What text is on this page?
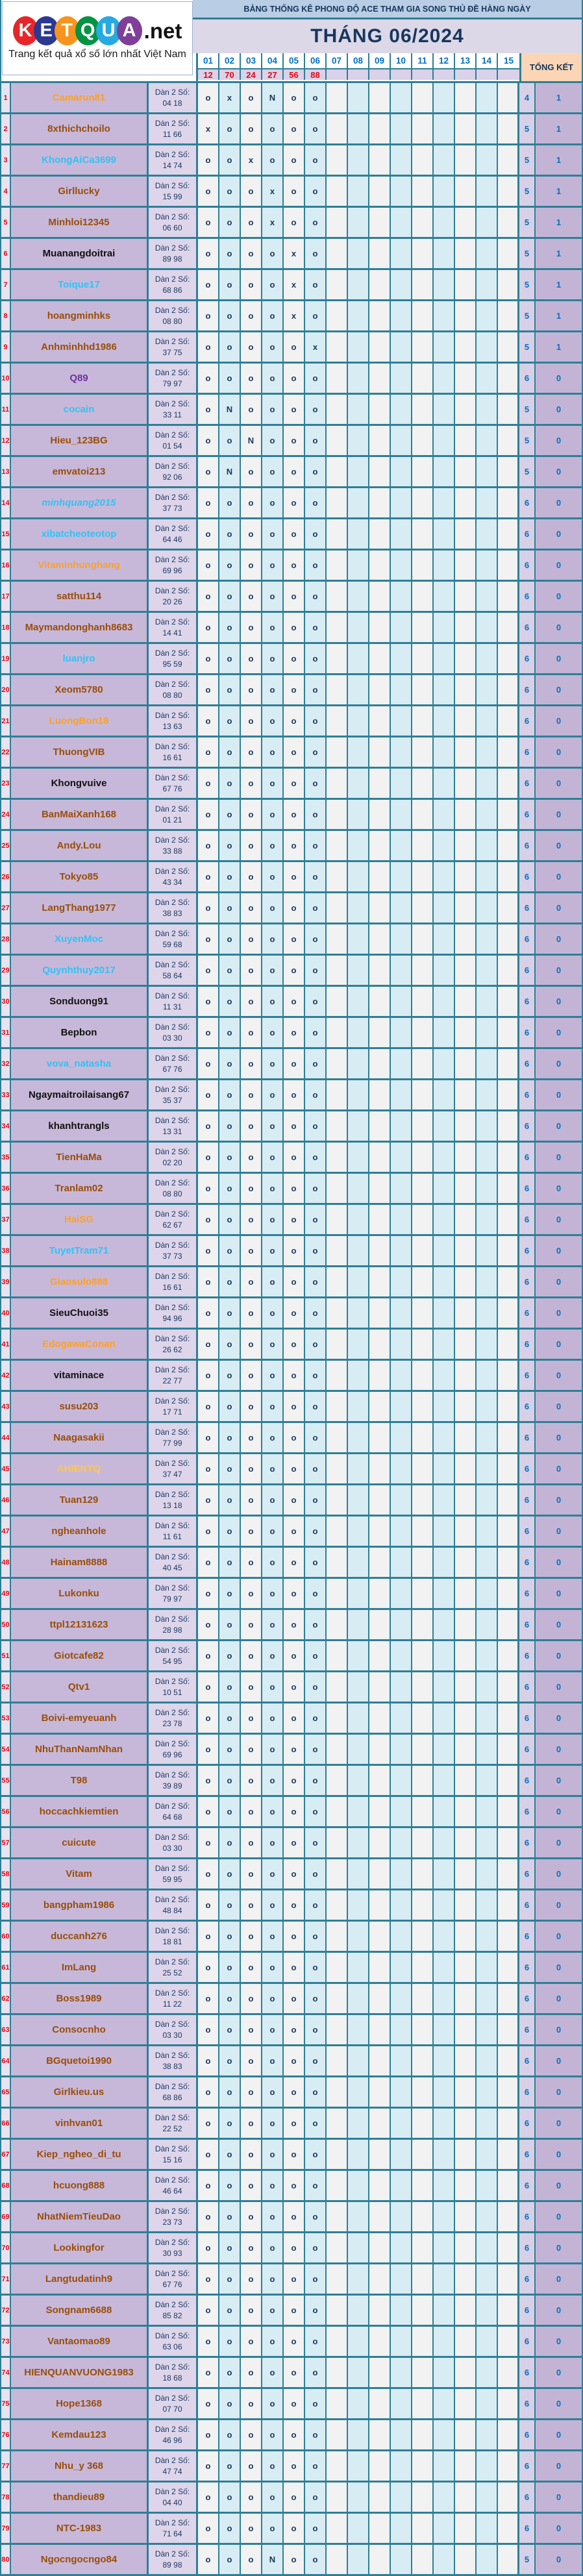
BẢNG THỐNG KÊ PHONG ĐỘ ACE THAM GIA SONG THỦ ĐỀ HÀNG NGÀY
THÁNG 06/2024
K E T Q U A .net
Trang kết quả xổ số lớn nhất Việt Nam
01	02	03	04	05	06	07	08	09	10	11	12	13	14	15
12	70	24	27	56	88
TỔNG KẾT
1	Camarun81
Dàn 2 Số:
04 18
o	x	o	N	o	o	4	1
2	8xthichchoilo
Dàn 2 Số:
11 66
x	o	o	o	o	o	5	1
3	KhongAiCa3699
Dàn 2 Số:
14 74
o	o	x	o	o	o	5	1
4	Girllucky
Dàn 2 Số:
15 99
o	o	o	x	o	o	5	1
5	Minhloi12345
Dàn 2 Số:
06 60
o	o	o	x	o	o	5	1
6	Muanangdoitrai
Dàn 2 Số:
89 98
o	o	o	o	x	o	5	1
7	Toique17
Dàn 2 Số:
68 86
o	o	o	o	x	o	5	1
8	hoangminhks
Dàn 2 Số:
08 80
o	o	o	o	x	o	5	1
9	Anhminhhd1986
Dàn 2 Số:
37 75
o	o	o	o	o	x	5	1
10	Q89
Dàn 2 Số:
79 97
o	o	o	o	o	o	6	0
11	cocain
Dàn 2 Số:
33 11
o	N	o	o	o	o	5	0
12	Hieu_123BG
Dàn 2 Số:
01 54
o	o	N	o	o	o	5	0
13	emvatoi213
Dàn 2 Số:
92 06
o	N	o	o	o	o	5	0
14	minhquang2015
Dàn 2 Số:
37 73
o	o	o	o	o	o	6	0
15	xibatcheoteotop
Dàn 2 Số:
64 46
o	o	o	o	o	o	6	0
16	Vitaminhunghang
Dàn 2 Số:
69 96
o	o	o	o	o	o	6	0
17	satthu114
Dàn 2 Số:
20 26
o	o	o	o	o	o	6	0
18 Maymandonghanh8683
Dàn 2 Số:
14 41
o	o	o	o	o	o	6	0
19	luanjro
Dàn 2 Số:
95 59
o	o	o	o	o	o	6	0
20	Xeom5780
Dàn 2 Số:
08 80
o	o	o	o	o	o	6	0
21	LuongBon18
Dàn 2 Số:
13 63
o	o	o	o	o	o	6	0
22	ThuongVIB
Dàn 2 Số:
16 61
o	o	o	o	o	o	6	0
23	Khongvuive
Dàn 2 Số:
67 76
o	o	o	o	o	o	6	0
24	BanMaiXanh168
Dàn 2 Số:
01 21
o	o	o	o	o	o	6	0
25	Andy.Lou
Dàn 2 Số:
33 88
o	o	o	o	o	o	6	0
26	Tokyo85
Dàn 2 Số:
43 34
o	o	o	o	o	o	6	0
27	LangThang1977
Dàn 2 Số:
38 83
o	o	o	o	o	o	6	0
28	XuyenMoc
Dàn 2 Số:
59 68
o	o	o	o	o	o	6	0
29	Quynhthuy2017
Dàn 2 Số:
58 64
o	o	o	o	o	o	6	0
30	Sonduong91
Dàn 2 Số:
11 31
o	o	o	o	o	o	6	0
31	Bepbon
Dàn 2 Số:
03 30
o	o	o	o	o	o	6	0
32	vova_natasha
Dàn 2 Số:
67 76
o	o	o	o	o	o	6	0
33 Ngaymaitroilaisang67
Dàn 2 Số:
35 37
o	o	o	o	o	o	6	0
34	khanhtrangls
Dàn 2 Số:
13 31
o	o	o	o	o	o	6	0
35	TienHaMa
Dàn 2 Số:
02 20
o	o	o	o	o	o	6	0
36	Tranlam02
Dàn 2 Số:
08 80
o	o	o	o	o	o	6	0
37	HaiSG
Dàn 2 Số:
62 67
o	o	o	o	o	o	6	0
38	TuyetTram71
Dàn 2 Số:
37 73
o	o	o	o	o	o	6	0
39	Giaosulo888
Dàn 2 Số:
16 61
o	o	o	o	o	o	6	0
40	SieuChuoi35
Dàn 2 Số:
94 96
o	o	o	o	o	o	6	0
41	EdogawaConan
Dàn 2 Số:
26 62
o	o	o	o	o	o	6	0
42	vitaminace
Dàn 2 Số:
22 77
o	o	o	o	o	o	6	0
43	susu203
Dàn 2 Số:
17 71
o	o	o	o	o	o	6	0
44	Naagasakii
Dàn 2 Số:
77 99
o	o	o	o	o	o	6	0
45	AHIENTQ
Dàn 2 Số:
37 47
o	o	o	o	o	o	6	0
46	Tuan129
Dàn 2 Số:
13 18
o	o	o	o	o	o	6	0
47	ngheanhole
Dàn 2 Số:
11 61
o	o	o	o	o	o	6	0
48	Hainam8888
Dàn 2 Số:
40 45
o	o	o	o	o	o	6	0
49	Lukonku
Dàn 2 Số:
79 97
o	o	o	o	o	o	6	0
50	ttpl12131623
Dàn 2 Số:
28 98
o	o	o	o	o	o	6	0
51	Giotcafe82
Dàn 2 Số:
54 95
o	o	o	o	o	o	6	0
52	Qtv1
Dàn 2 Số:
10 51
o	o	o	o	o	o	6	0
53	Boivi-emyeuanh
Dàn 2 Số:
23 78
o	o	o	o	o	o	6	0
54	NhuThanNamNhan
Dàn 2 Số:
69 96
o	o	o	o	o	o	6	0
55	T98
Dàn 2 Số:
39 89
o	o	o	o	o	o	6	0
56	hoccachkiemtien
Dàn 2 Số:
64 68
o	o	o	o	o	o	6	0
57	cuicute
Dàn 2 Số:
03 30
o	o	o	o	o	o	6	0
58	Vitam
Dàn 2 Số:
59 95
o	o	o	o	o	o	6	0
59	bangpham1986
Dàn 2 Số:
48 84
o	o	o	o	o	o	6	0
60	duccanh276
Dàn 2 Số:
18 81
o	o	o	o	o	o	6	0
61	ImLang
Dàn 2 Số:
25 52
o	o	o	o	o	o	6	0
62	Boss1989
Dàn 2 Số:
11 22
o	o	o	o	o	o	6	0
63	Consocnho
Dàn 2 Số:
03 30
o	o	o	o	o	o	6	0
64	BGquetoi1990
Dàn 2 Số:
38 83
o	o	o	o	o	o	6	0
65	Girlkieu.us
Dàn 2 Số:
68 86
o	o	o	o	o	o	6	0
66	vinhvan01
Dàn 2 Số:
22 52
o	o	o	o	o	o	6	0
67	Kiep_ngheo_di_tu
Dàn 2 Số:
15 16
o	o	o	o	o	o	6	0
68	hcuong888
Dàn 2 Số:
46 64
o	o	o	o	o	o	6	0
69	NhatNiemTieuDao
Dàn 2 Số:
23 73
o	o	o	o	o	o	6	0
70	Lookingfor
Dàn 2 Số:
30 93
o	o	o	o	o	o	6	0
71	Langtudatinh9
Dàn 2 Số:
67 76
o	o	o	o	o	o	6	0
72	Songnam6688
Dàn 2 Số:
85 82
o	o	o	o	o	o	6	0
73	Vantaomao89
Dàn 2 Số:
63 06
o	o	o	o	o	o	6	0
74 HIENQUANVUONG1983
Dàn 2 Số:
18 68
o	o	o	o	o	o	6	0
75	Hope1368
Dàn 2 Số:
07 70
o	o	o	o	o	o	6	0
76	Kemdau123
Dàn 2 Số:
46 96
o	o	o	o	o	o	6	0
77	Nhu_y 368
Dàn 2 Số:
47 74
o	o	o	o	o	o	6	0
78	thandieu89
Dàn 2 Số:
04 40
o	o	o	o	o	o	6	0
79	NTC-1983
Dàn 2 Số:
71 64
o	o	o	o	o	o	6	0
80	Ngocngocngo84
Dàn 2 Số:
89 98
o	o	o	N	o	o	5	0
